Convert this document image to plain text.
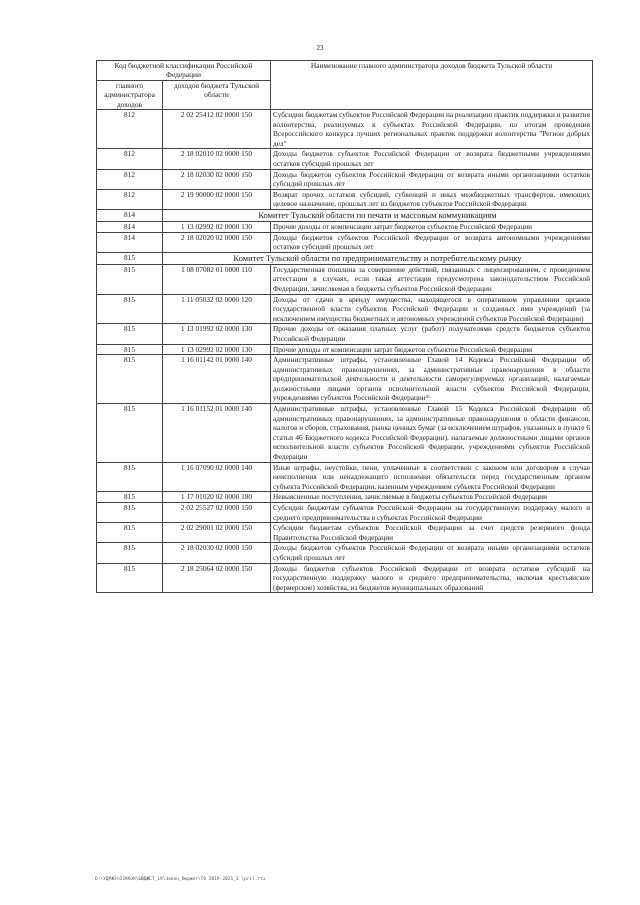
23
Код бюджетной классификации Российской Федерации		Наименование главного администратора доходов бюджета Тульской области
главного администратора доходов	доходов бюджета Тульской области	
812	2 02 25412 02 0000 150	Субсидии бюджетам субъектов Российской Федерации на реализацию практик поддержки и развития волонтерства, реализуемых в субъектах Российской Федерации, по итогам проведения Всероссийского конкурса лучших региональных практик поддержки волонтерства "Регион добрых дел"
812	2 18 02010 02 0000 150	Доходы бюджетов субъектов Российской Федерации от возврата бюджетными учреждениями остатков субсидий прошлых лет
812	2 18 02030 02 0000 150	Доходы бюджетов субъектов Российской Федерации от возврата иными организациями остатков субсидий прошлых лет
812	2 19 90000 02 0000 150	Возврат прочих остатков субсидий, субвенций и иных межбюджетных трансфертов, имеющих целевое назначение, прошлых лет из бюджетов субъектов Российской Федерации
814	Комитет Тульской области по печати и массовым коммуникациям	
814	1 13 02992 02 0000 130	Прочие доходы от компенсации затрат бюджетов субъектов Российской Федерации
814	2 18 02020 02 0000 150	Доходы бюджетов субъектов Российской Федерации от возврата автономными учреждениями остатков субсидий прошлых лет
815	Комитет Тульской области по предпринимательству и потребительскому рынку	
815	1 08 07082 01 0000 110	Государственная пошлина за совершение действий, связанных с лицензированием, с проведением аттестации в случаях, если такая аттестация предусмотрена законодательством Российской Федерации, зачисляемая в бюджеты субъектов Российской Федерации
815	1 11 05032 02 0000 120	Доходы от сдачи в аренду имущества, находящегося в оперативном управлении органов государственной власти субъектов Российской Федерации и созданных ими учреждений (за исключением имущества бюджетных и автономных учреждений субъектов Российской Федерации)
815	1 13 01992 02 0000 130	Прочие доходы от оказания платных услуг (работ) получателями средств бюджетов субъектов Российской Федерации
815	1 13 02992 02 0000 130	Прочие доходы от компенсации затрат бюджетов субъектов Российской Федерации
815	1 16 01142 01 0000 140	Административные штрафы, установленные Главой 14 Кодекса Российской Федерации об административных правонарушениях, за административные правонарушения в области предпринимательской деятельности и деятельности саморегулируемых организаций, налагаемые должностными лицами органов исполнительной власти субъектов Российской Федерации, учреждениями субъектов Российской Федерации³⁾
815	1 16 01152 01 0000 140	Административные штрафы, установленные Главой 15 Кодекса Российской Федерации об административных правонарушениях, за административные правонарушения в области финансов, налогов и сборов, страхования, рынка ценных бумаг (за исключением штрафов, указанных в пункте 6 статьи 46 Бюджетного кодекса Российской Федерации), налагаемые должностными лицами органов исполнительной власти субъектов Российской Федерации, учреждениями субъектов Российской Федерации
815	1 16 07090 02 0000 140	Иные штрафы, неустойки, пени, уплаченные в соответствии с законом или договором в случае неисполнения или ненадлежащего исполнения обязательств перед государственным органом субъекта Российской Федерации, казенным учреждением субъекта Российской Федерации
815	1 17 01020 02 0000 180	Невыясненные поступления, зачисляемые в бюджеты субъектов Российской Федерации
815	2 02 25527 02 0000 150	Субсидии бюджетам субъектов Российской Федерации на государственную поддержку малого и среднего предпринимательства в субъектах Российской Федерации
815	2 02 29001 02 0000 150	Субсидии бюджетам субъектов Российской Федерации за счет средств резервного фонда Правительства Российской Федерации
815	2 18 02030 02 0000 150	Доходы бюджетов субъектов Российской Федерации от возврата иными организациями остатков субсидий прошлых лет
815	2 18 25064 02 0000 150	Доходы бюджетов субъектов Российской Федерации от возврата остатков субсидий на государственную поддержку малого и среднего предпринимательства, включая крестьянские (фермерские) хозяйства, из бюджетов муниципальных образований
D:\УДРЖЭ\ОЗАКОН\БЮДЖЕТ_19\Закон_бюджет\ТО 2019-2021_3 \pril.rtx
